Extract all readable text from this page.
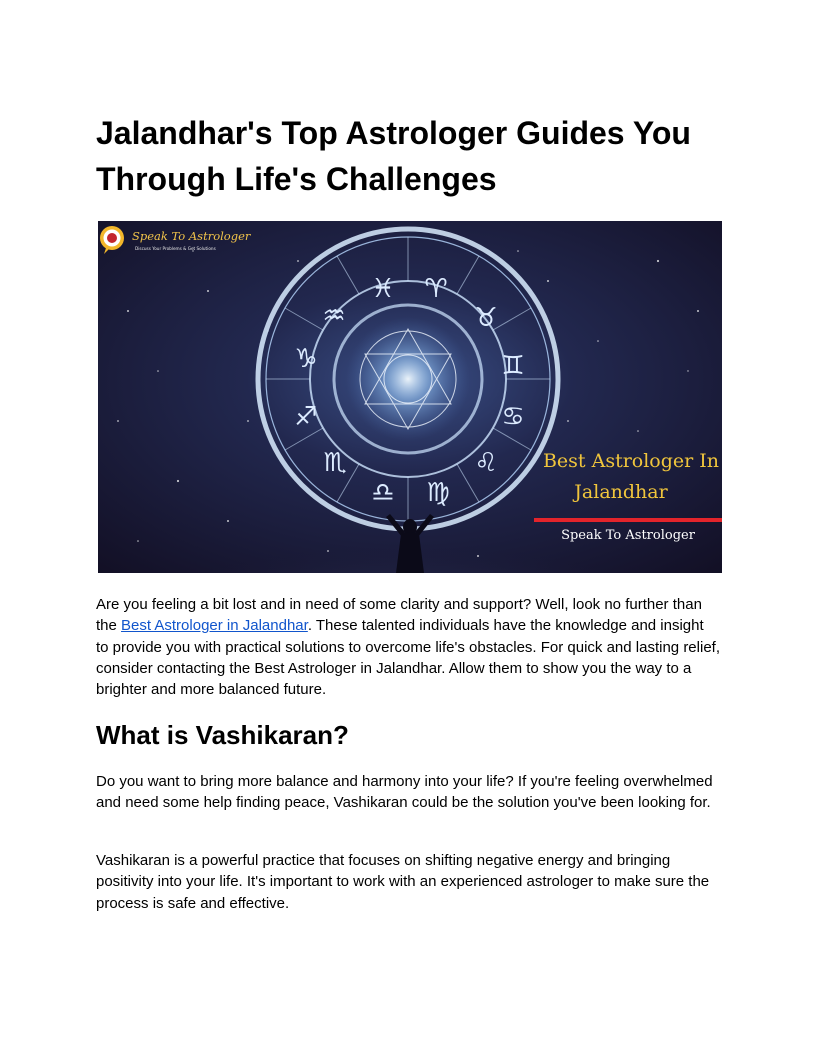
Jalandhar's Top Astrologer Guides You Through Life's Challenges
♓ ♈
♉
♊
♋
♌
♍
♎
♏
♐
♑
♒
Speak To Astrologer
Discuss Your Problems & Get Solutions
Best Astrologer In
Jalandhar
Speak To Astrologer

Are you feeling a bit lost and in need of some clarity and support? Well, look no further than the Best Astrologer in Jalandhar. These talented individuals have the knowledge and insight to provide you with practical solutions to overcome life's obstacles. For quick and lasting relief, consider contacting the Best Astrologer in Jalandhar. Allow them to show you the way to a brighter and more balanced future.

What is Vashikaran?

Do you want to bring more balance and harmony into your life? If you're feeling overwhelmed and need some help finding peace, Vashikaran could be the solution you've been looking for.

Vashikaran is a powerful practice that focuses on shifting negative energy and bringing positivity into your life. It's important to work with an experienced astrologer to make sure the process is safe and effective.
